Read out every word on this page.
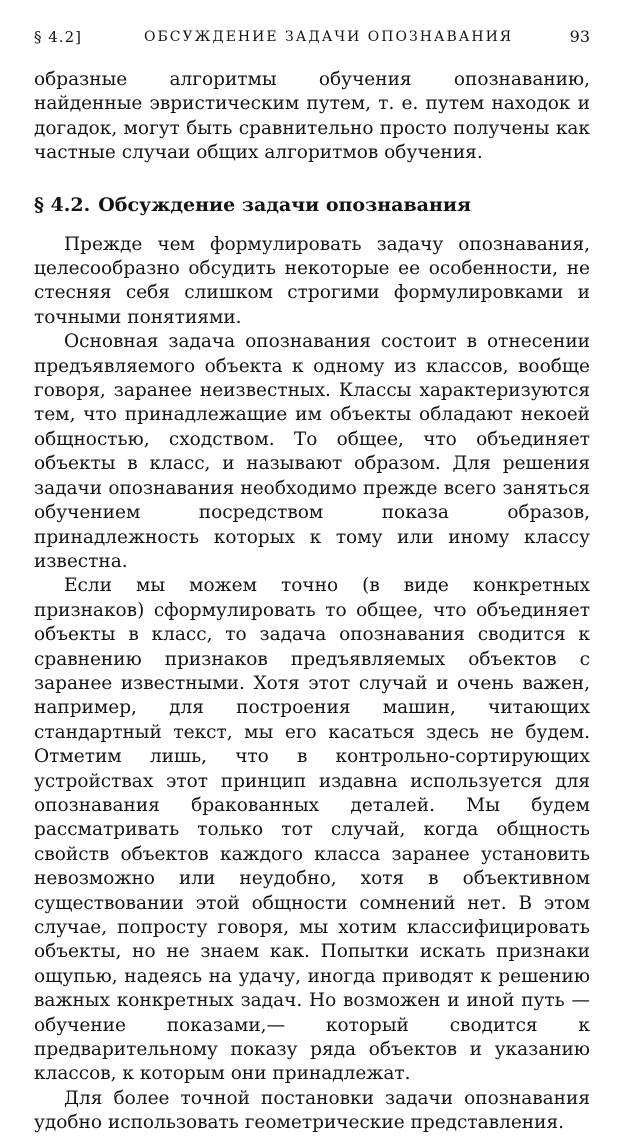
§ 4.2]	ОБСУЖДЕНИЕ ЗАДАЧИ ОПОЗНАВАНИЯ	93

образные алгоритмы обучения опознаванию, найденные эвристическим путем, т. е. путем находок и догадок, могут быть сравнительно просто получены как частные случаи общих алгоритмов обучения.

§ 4.2. Обсуждение задачи опознавания

Прежде чем формулировать задачу опознавания, целесообразно обсудить некоторые ее особенности, не стесняя себя слишком строгими формулировками и точными понятиями.

Основная задача опознавания состоит в отнесении предъявляемого объекта к одному из классов, вообще говоря, заранее неизвестных. Классы характеризуются тем, что принадлежащие им объекты обладают некоей общностью, сходством. То общее, что объединяет объекты в класс, и называют образом. Для решения задачи опознавания необходимо прежде всего заняться обучением посредством показа образов, принадлежность которых к тому или иному классу известна.

Если мы можем точно (в виде конкретных признаков) сформулировать то общее, что объединяет объекты в класс, то задача опознавания сводится к сравнению признаков предъявляемых объектов с заранее известными. Хотя этот случай и очень важен, например, для построения машин, читающих стандартный текст, мы его касаться здесь не будем. Отметим лишь, что в контрольно-сортирующих устройствах этот принцип издавна используется для опознавания бракованных деталей. Мы будем рассматривать только тот случай, когда общность свойств объектов каждого класса заранее установить невозможно или неудобно, хотя в объективном существовании этой общности сомнений нет. В этом случае, попросту говоря, мы хотим классифицировать объекты, но не знаем как. Попытки искать признаки ощупью, надеясь на удачу, иногда приводят к решению важных конкретных задач. Но возможен и иной путь — обучение показами,— который сводится к предварительному показу ряда объектов и указанию классов, к которым они принадлежат.

Для более точной постановки задачи опознавания удобно использовать геометрические представления.
